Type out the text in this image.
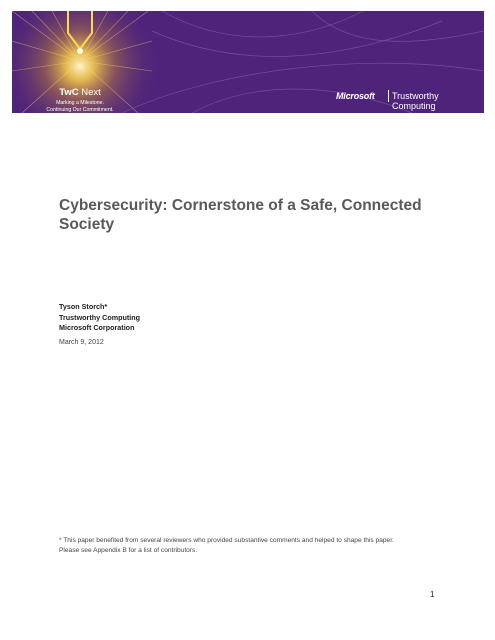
TwC Next
Marking a Milestone.
Continuing Our Commitment.
Microsoft Trustworthy Computing
Cybersecurity: Cornerstone of a Safe, Connected
Society
Tyson Storch*
Trustworthy Computing
Microsoft Corporation
March 9, 2012
* This paper benefited from several reviewers who provided substantive comments and helped to shape this paper.
Please see Appendix B for a list of contributors.
1
